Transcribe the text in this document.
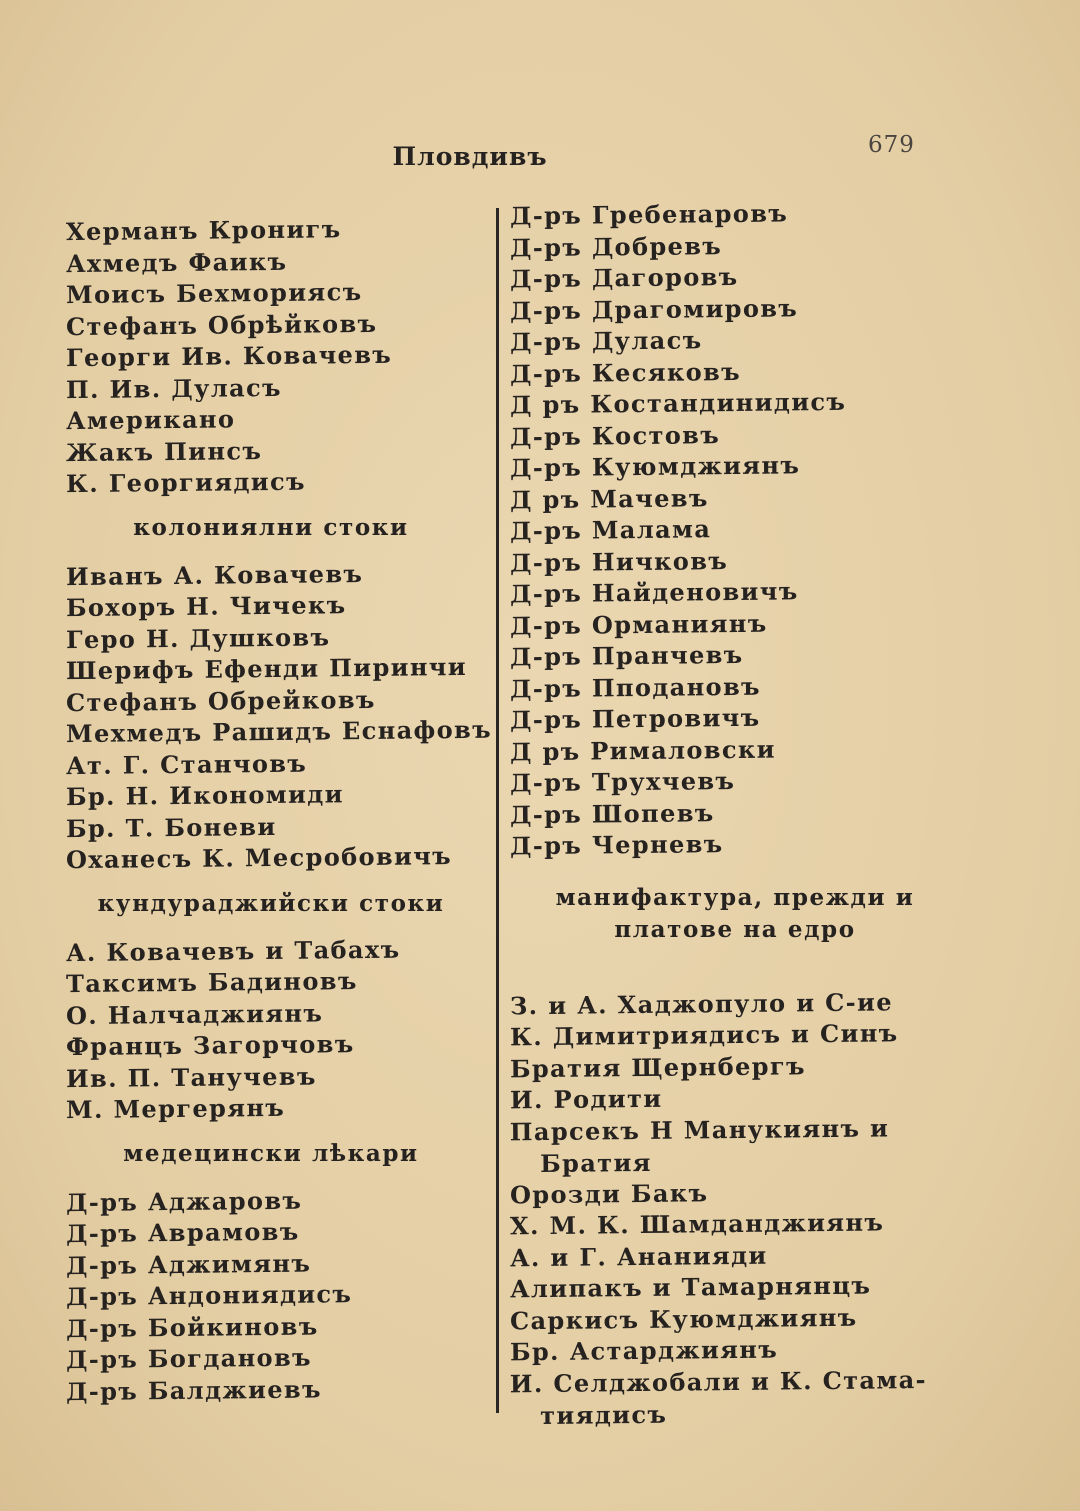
Пловдивъ	679
Херманъ Кронигъ
Ахмедъ Фаикъ
Моисъ Бехмориясъ
Стефанъ Обрѣйковъ
Георги Ив. Ковачевъ
П. Ив. Дуласъ
Американо
Жакъ Пинсъ
К. Георгиядисъ
колониялни стоки
Иванъ А. Ковачевъ
Бохоръ Н. Чичекъ
Геро Н. Душковъ
Шерифъ Ефенди Пиринчи
Стефанъ Обрейковъ
Мехмедъ Рашидъ Еснафовъ
Ат. Г. Станчовъ
Бр. Н. Икономиди
Бр. Т. Боневи
Оханесъ К. Месробовичъ
кундураджийски стоки
А. Ковачевъ и Табахъ
Таксимъ Бадиновъ
О. Налчаджиянъ
Францъ Загорчовъ
Ив. П. Танучевъ
М. Мергерянъ
медецински лѣкари
Д-ръ Аджаровъ
Д-ръ Аврамовъ
Д-ръ Аджимянъ
Д-ръ Андониядисъ
Д-ръ Бойкиновъ
Д-ръ Богдановъ
Д-ръ Балджиевъ
Д-ръ Гребенаровъ
Д-ръ Добревъ
Д-ръ Дагоровъ
Д-ръ Драгомировъ
Д-ръ Дуласъ
Д-ръ Кесяковъ
Д ръ Костандинидисъ
Д-ръ Костовъ
Д-ръ Куюмджиянъ
Д ръ Мачевъ
Д-ръ Малама
Д-ръ Ничковъ
Д-ръ Найденовичъ
Д-ръ Орманиянъ
Д-ръ Пранчевъ
Д-ръ Пподановъ
Д-ръ Петровичъ
Д ръ Рималовски
Д-ръ Трухчевъ
Д-ръ Шопевъ
Д-ръ Черневъ
манифактура, прежди и платове на едро
З. и А. Хаджопуло и С-ие
К. Димитриядисъ и Синъ
Братия Щернбергъ
И. Родити
Парсекъ Н Манукиянъ и
Братия
Орозди Бакъ
Х. М. К. Шамданджиянъ
А. и Г. Ананияди
Алипакъ и Тамарнянцъ
Саркисъ Куюмджиянъ
Бр. Астарджиянъ
И. Селджобали и К. Стама-
тиядисъ
